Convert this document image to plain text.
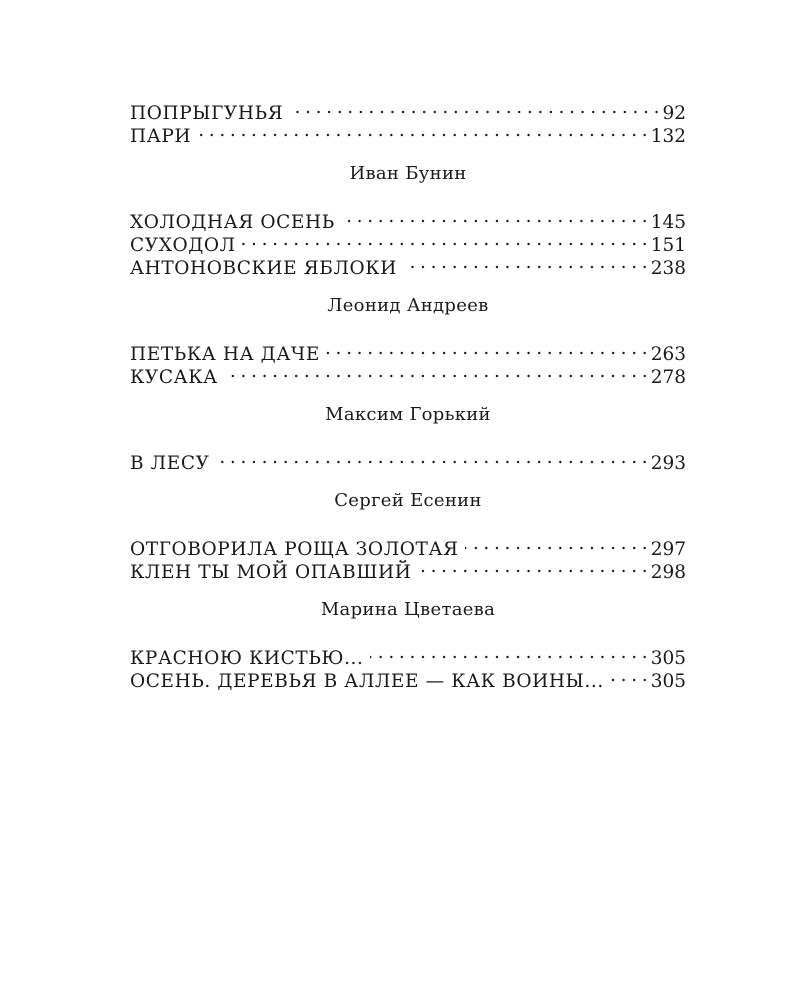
ПОПРЫГУНЬЯ . . .	92
ПАРИ . . .	132
Иван Бунин
ХОЛОДНАЯ ОСЕНЬ . . .	145
СУХОДОЛ . . .	151
АНТОНОВСКИЕ ЯБЛОКИ . . .	238
Леонид Андреев
ПЕТЬКА НА ДАЧЕ . . .	263
КУСАКА . . .	278
Максим Горький
В ЛЕСУ . . .	293
Сергей Есенин
ОТГОВОРИЛА РОЩА ЗОЛОТАЯ . . .	297
КЛЕН ТЫ МОЙ ОПАВШИЙ . . .	298
Марина Цветаева
КРАСНОЮ КИСТЬЮ... . . .	305
ОСЕНЬ. ДЕРЕВЬЯ В АЛЛЕЕ — КАК ВОИНЫ... . . .	305
